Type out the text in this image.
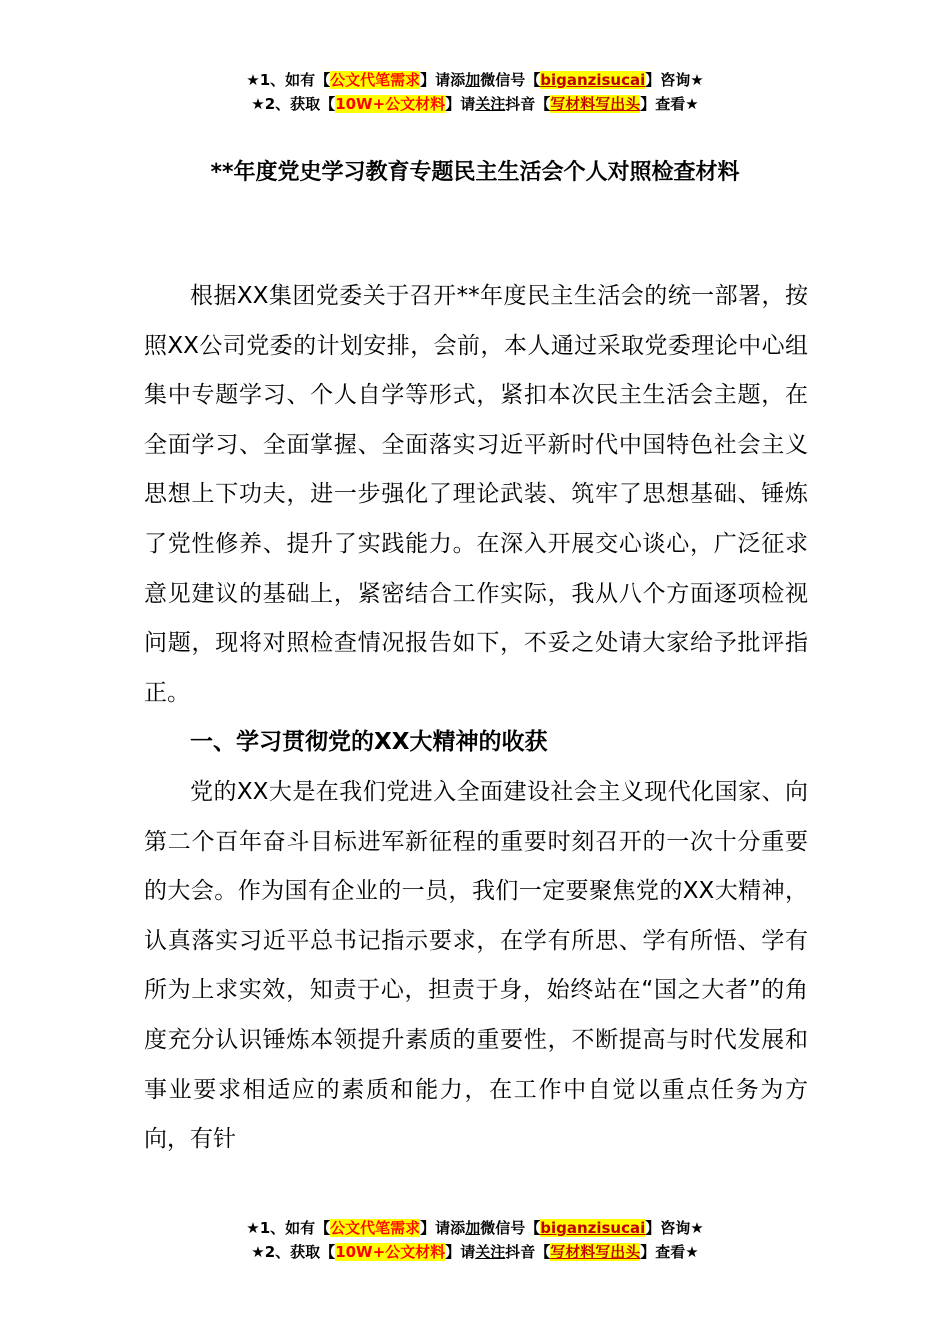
★1、如有【公文代笔需求】请添加微信号【biganzisucai】咨询★
★2、获取【10W+公文材料】请关注抖音【写材料写出头】查看★
**年度党史学习教育专题民主生活会个人对照检查材料

根据XX集团党委关于召开**年度民主生活会的统一部署，按照XX公司党委的计划安排，会前，本人通过采取党委理论中心组集中专题学习、个人自学等形式，紧扣本次民主生活会主题，在全面学习、全面掌握、全面落实习近平新时代中国特色社会主义思想上下功夫，进一步强化了理论武装、筑牢了思想基础、锤炼了党性修养、提升了实践能力。在深入开展交心谈心，广泛征求意见建议的基础上，紧密结合工作实际，我从八个方面逐项检视问题，现将对照检查情况报告如下，不妥之处请大家给予批评指正。

一、学习贯彻党的XX大精神的收获

党的XX大是在我们党进入全面建设社会主义现代化国家、向第二个百年奋斗目标进军新征程的重要时刻召开的一次十分重要的大会。作为国有企业的一员，我们一定要聚焦党的XX大精神，认真落实习近平总书记指示要求，在学有所思、学有所悟、学有所为上求实效，知责于心，担责于身，始终站在“国之大者”的角度充分认识锤炼本领提升素质的重要性，不断提高与时代发展和事业要求相适应的素质和能力，在工作中自觉以重点任务为方向，有针

★1、如有【公文代笔需求】请添加微信号【biganzisucai】咨询★
★2、获取【10W+公文材料】请关注抖音【写材料写出头】查看★
